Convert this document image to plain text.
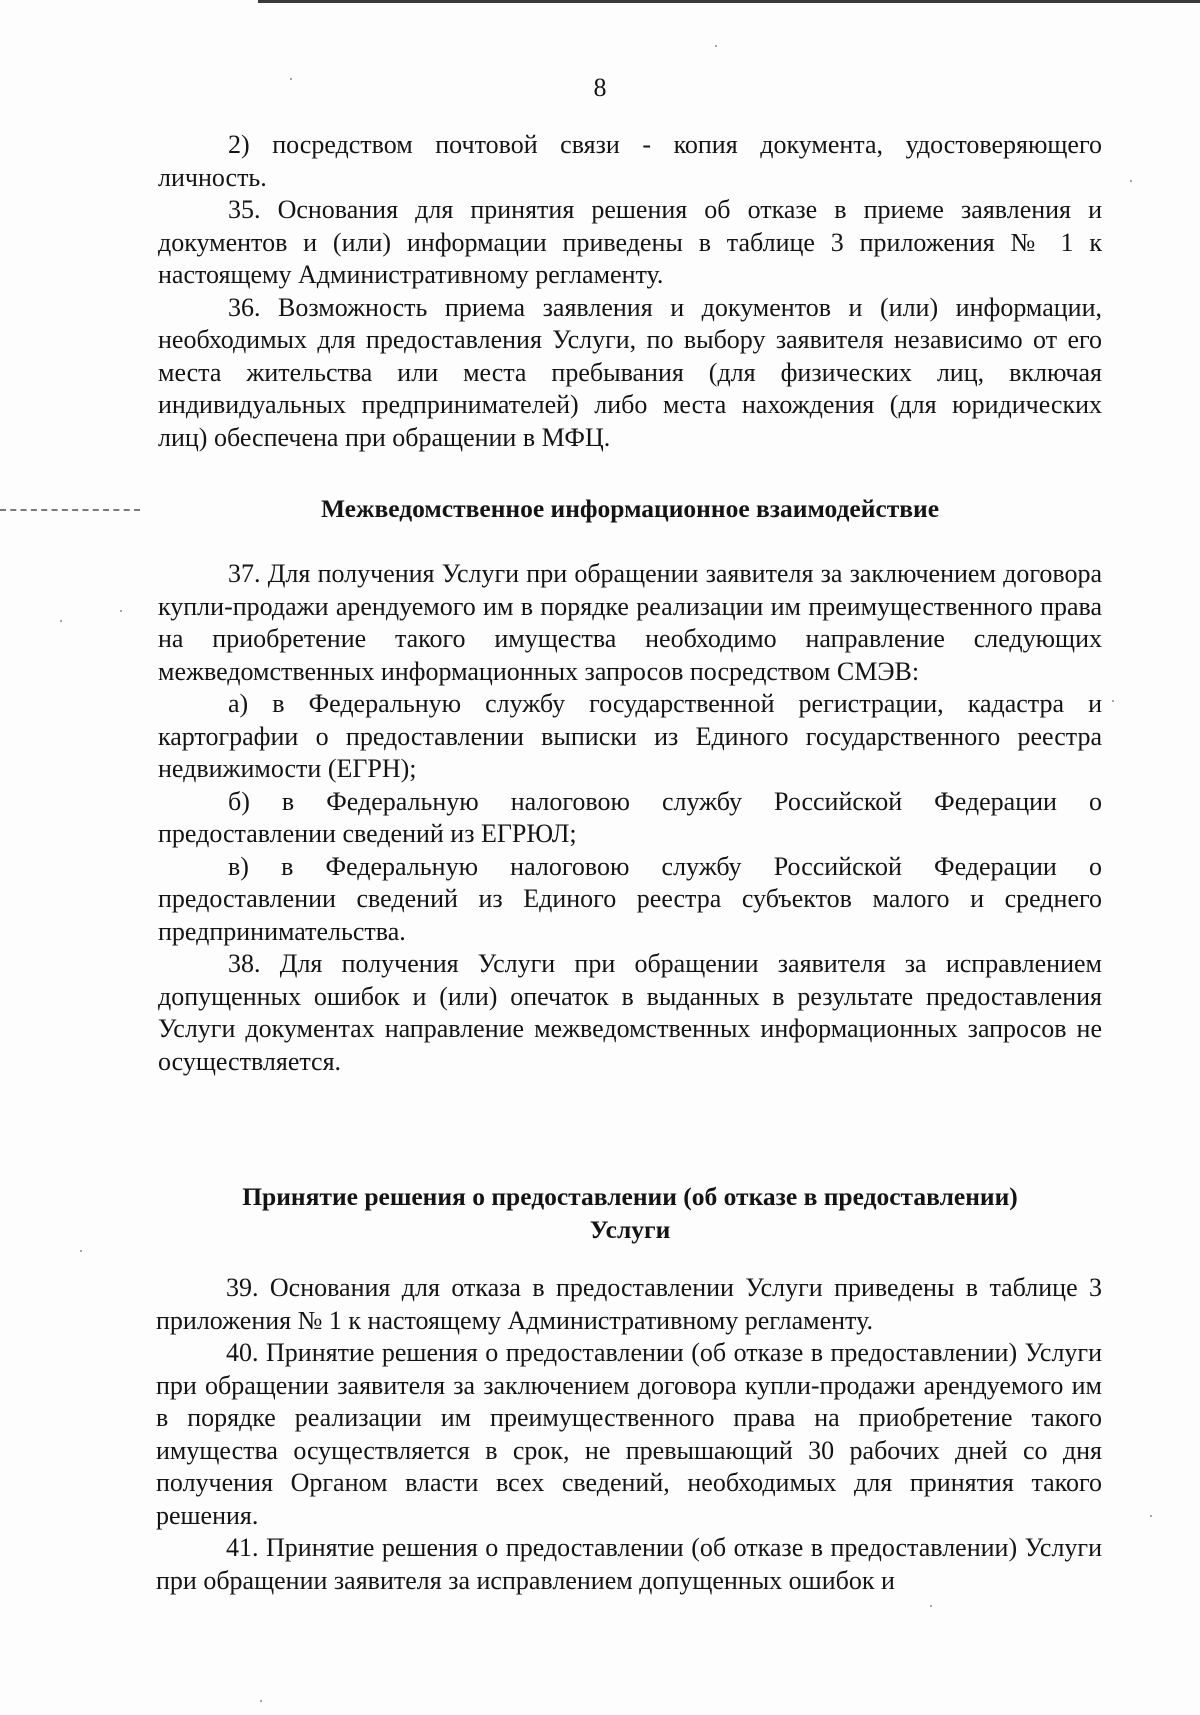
8

2) посредством почтовой связи - копия документа, удостоверяющего личность.

35. Основания для принятия решения об отказе в приеме заявления и документов и (или) информации приведены в таблице 3 приложения № 1 к настоящему Административному регламенту.

36. Возможность приема заявления и документов и (или) информации, необходимых для предоставления Услуги, по выбору заявителя независимо от его места жительства или места пребывания (для физических лиц, включая индивидуальных предпринимателей) либо места нахождения (для юридических лиц) обеспечена при обращении в МФЦ.

Межведомственное информационное взаимодействие

37. Для получения Услуги при обращении заявителя за заключением договора купли-продажи арендуемого им в порядке реализации им преимущественного права на приобретение такого имущества необходимо направление следующих межведомственных информационных запросов посредством СМЭВ:

а) в Федеральную службу государственной регистрации, кадастра и картографии о предоставлении выписки из Единого государственного реестра недвижимости (ЕГРН);

б) в Федеральную налоговою службу Российской Федерации о предоставлении сведений из ЕГРЮЛ;

в) в Федеральную налоговою службу Российской Федерации о предоставлении сведений из Единого реестра субъектов малого и среднего предпринимательства.

38. Для получения Услуги при обращении заявителя за исправлением допущенных ошибок и (или) опечаток в выданных в результате предоставления Услуги документах направление межведомственных информационных запросов не осуществляется.

Принятие решения о предоставлении (об отказе в предоставлении)

Услуги

39. Основания для отказа в предоставлении Услуги приведены в таблице 3 приложения № 1 к настоящему Административному регламенту.

40. Принятие решения о предоставлении (об отказе в предоставлении) Услуги при обращении заявителя за заключением договора купли-продажи арендуемого им в порядке реализации им преимущественного права на приобретение такого имущества осуществляется в срок, не превышающий 30 рабочих дней со дня получения Органом власти всех сведений, необходимых для принятия такого решения.

41. Принятие решения о предоставлении (об отказе в предоставлении) Услуги при обращении заявителя за исправлением допущенных ошибок и
